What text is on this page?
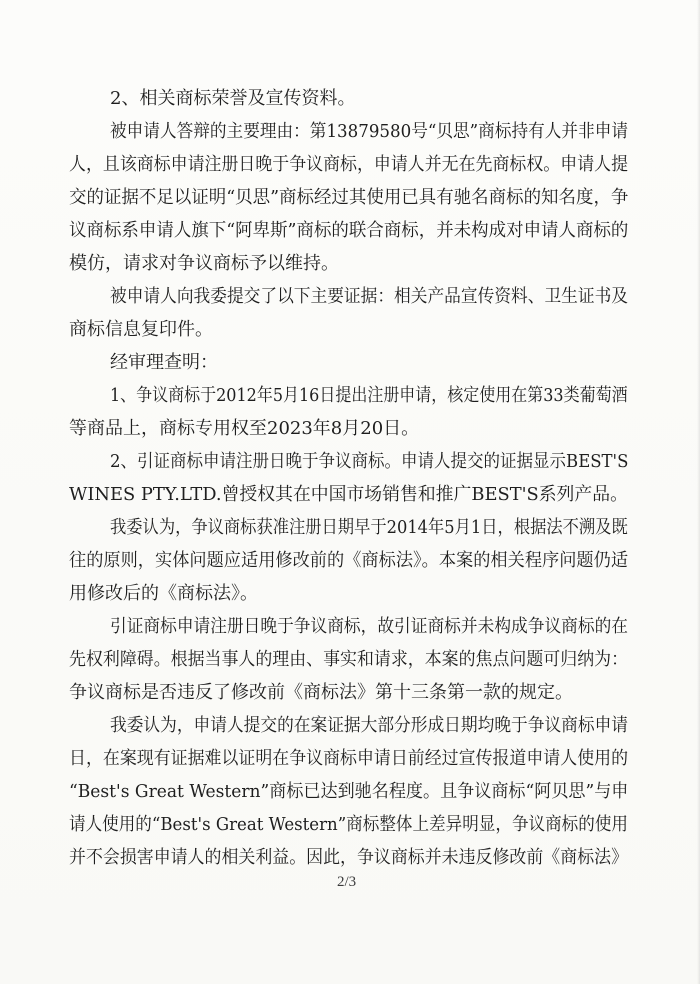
2、相关商标荣誉及宣传资料。
被申请人答辩的主要理由：第13879580号“贝思”商标持有人并非申请
人，且该商标申请注册日晚于争议商标，申请人并无在先商标权。申请人提
交的证据不足以证明“贝思”商标经过其使用已具有驰名商标的知名度，争
议商标系申请人旗下“阿卑斯”商标的联合商标，并未构成对申请人商标的
模仿，请求对争议商标予以维持。
被申请人向我委提交了以下主要证据：相关产品宣传资料、卫生证书及
商标信息复印件。
经审理查明：
1、争议商标于2012年5月16日提出注册申请，核定使用在第33类葡萄酒
等商品上，商标专用权至2023年8月20日。
2、引证商标申请注册日晚于争议商标。申请人提交的证据显示BEST'S
WINES PTY.LTD.曾授权其在中国市场销售和推广BEST'S系列产品。
我委认为，争议商标获准注册日期早于2014年5月1日，根据法不溯及既
往的原则，实体问题应适用修改前的《商标法》。本案的相关程序问题仍适
用修改后的《商标法》。
引证商标申请注册日晚于争议商标，故引证商标并未构成争议商标的在
先权利障碍。根据当事人的理由、事实和请求，本案的焦点问题可归纳为：
争议商标是否违反了修改前《商标法》第十三条第一款的规定。
我委认为，申请人提交的在案证据大部分形成日期均晚于争议商标申请
日，在案现有证据难以证明在争议商标申请日前经过宣传报道申请人使用的
“Best's Great Western”商标已达到驰名程度。且争议商标“阿贝思”与申
请人使用的“Best's Great Western”商标整体上差异明显，争议商标的使用
并不会损害申请人的相关利益。因此，争议商标并未违反修改前《商标法》
2/3
